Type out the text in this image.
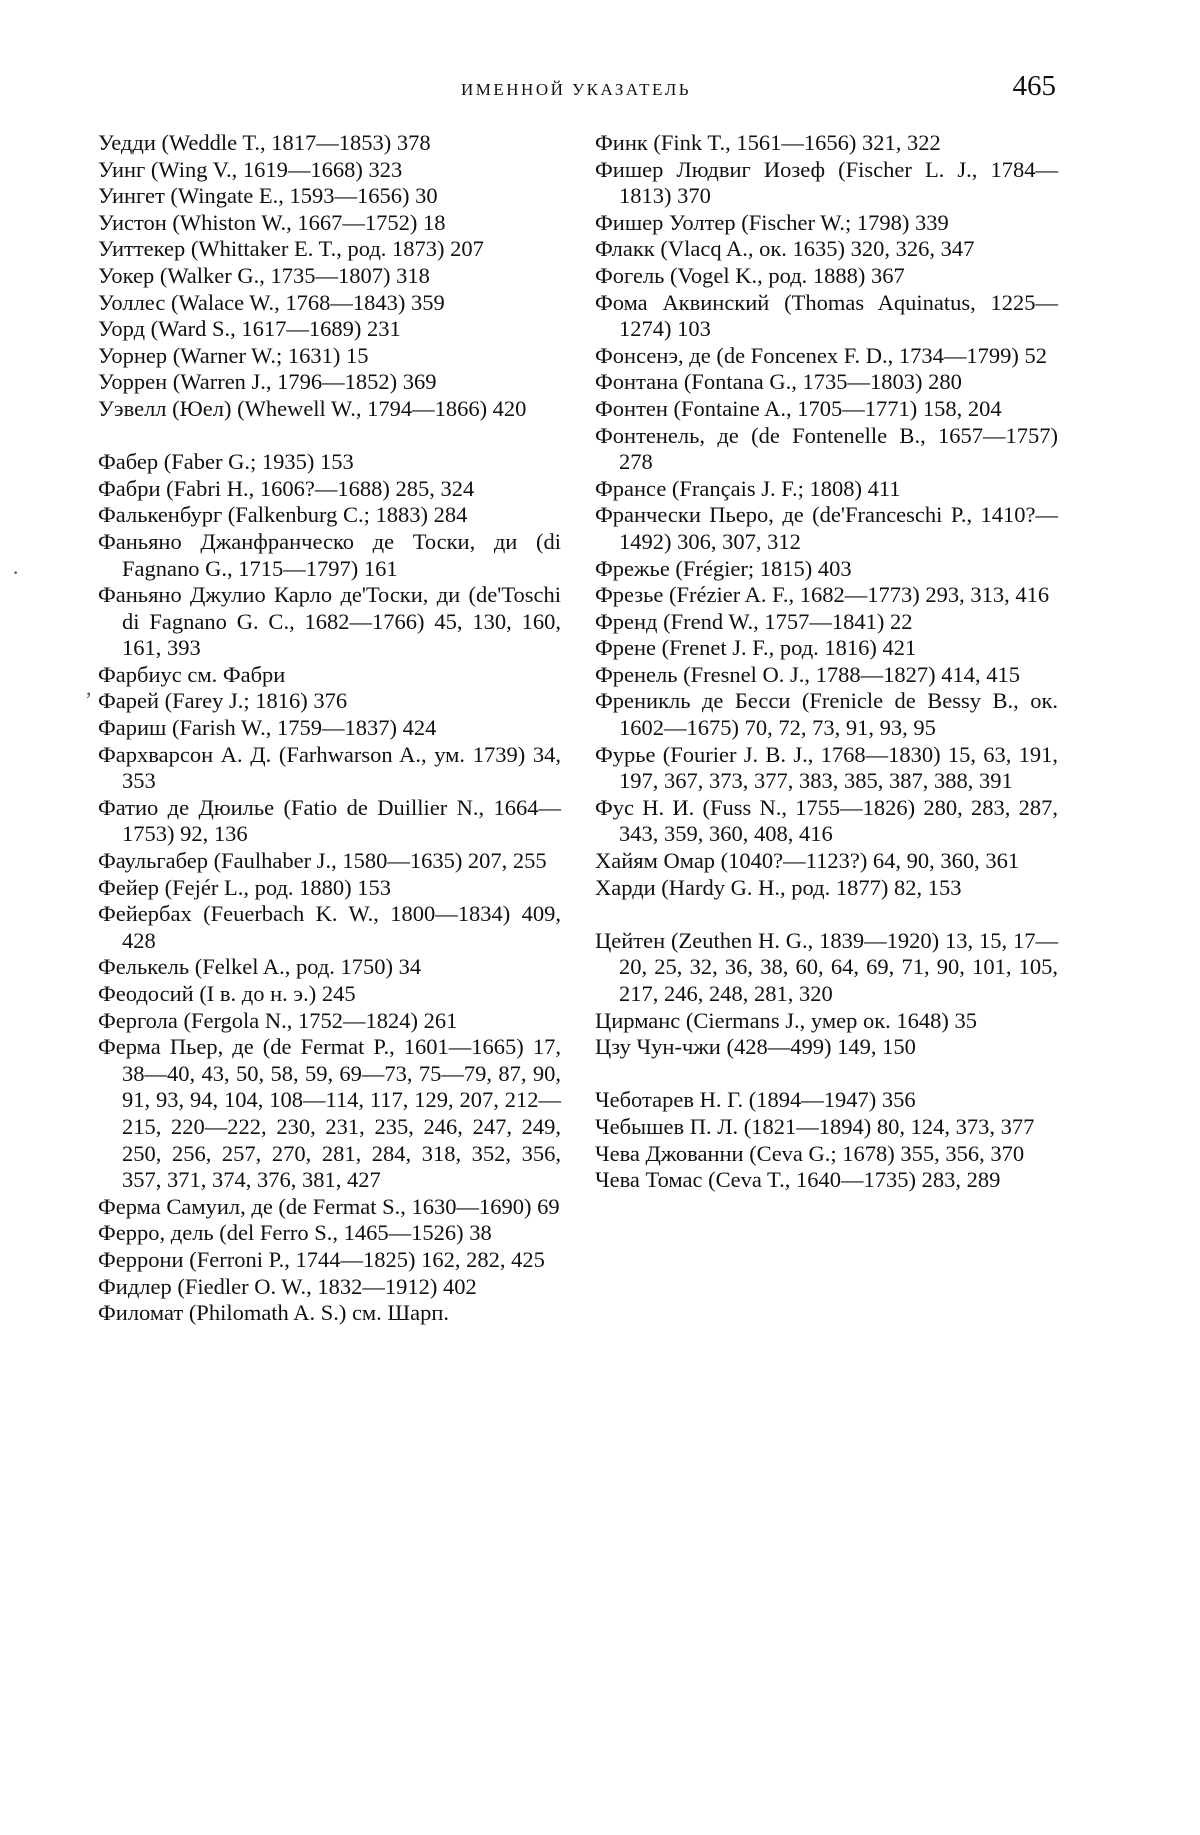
ИМЕННОЙ УКАЗАТЕЛЬ	465

Уедди (Weddle T., 1817—1853) 378

Уинг (Wing V., 1619—1668) 323

Уингет (Wingate E., 1593—1656) 30

Уистон (Whiston W., 1667—1752) 18

Уиттекер (Whittaker E. T., род. 1873) 207

Уокер (Walker G., 1735—1807) 318

Уоллес (Walace W., 1768—1843) 359

Уорд (Ward S., 1617—1689) 231

Уорнер (Warner W.; 1631) 15

Уоррен (Warren J., 1796—1852) 369

Уэвелл (Юел) (Whewell W., 1794—1866) 420

Фабер (Faber G.; 1935) 153

Фабри (Fabri H., 1606?—1688) 285, 324

Фалькенбург (Falkenburg C.; 1883) 284

Фаньяно Джанфранческо де Тоски, ди (di Fagnano G., 1715—1797) 161

Фаньяно Джулио Карло де'Тоски, ди (de'Toschi di Fagnano G. C., 1682—1766) 45, 130, 160, 161, 393

Фарбиус см. Фабри

Фарей (Farey J.; 1816) 376

Фариш (Farish W., 1759—1837) 424

Фархварсон А. Д. (Farhwarson A., ум. 1739) 34, 353

Фатио де Дюилье (Fatio de Duillier N., 1664—1753) 92, 136

Фаульгабер (Faulhaber J., 1580—1635) 207, 255

Фейер (Fejér L., род. 1880) 153

Фейербах (Feuerbach K. W., 1800—1834) 409, 428

Фелькель (Felkel A., род. 1750) 34

Феодосий (I в. до н. э.) 245

Фергола (Fergola N., 1752—1824) 261

Ферма Пьер, де (de Fermat P., 1601—1665) 17, 38—40, 43, 50, 58, 59, 69—73, 75—79, 87, 90, 91, 93, 94, 104, 108—114, 117, 129, 207, 212—215, 220—222, 230, 231, 235, 246, 247, 249, 250, 256, 257, 270, 281, 284, 318, 352, 356, 357, 371, 374, 376, 381, 427

Ферма Самуил, де (de Fermat S., 1630—1690) 69

Ферро, дель (del Ferro S., 1465—1526) 38

Феррони (Ferroni P., 1744—1825) 162, 282, 425

Фидлер (Fiedler O. W., 1832—1912) 402

Филомат (Philomath A. S.) см. Шарп.

Финк (Fink T., 1561—1656) 321, 322

Фишер Людвиг Иозеф (Fischer L. J., 1784—1813) 370

Фишер Уолтер (Fischer W.; 1798) 339

Флакк (Vlacq A., ок. 1635) 320, 326, 347

Фогель (Vogel K., род. 1888) 367

Фома Аквинский (Thomas Aquinatus, 1225—1274) 103

Фонсенэ, де (de Foncenex F. D., 1734—1799) 52

Фонтана (Fontana G., 1735—1803) 280

Фонтен (Fontaine A., 1705—1771) 158, 204

Фонтенель, де (de Fontenelle B., 1657—1757) 278

Франсе (Français J. F.; 1808) 411

Франчески Пьеро, де (de'Franceschi P., 1410?—1492) 306, 307, 312

Фрежье (Frégier; 1815) 403

Фрезье (Frézier A. F., 1682—1773) 293, 313, 416

Френд (Frend W., 1757—1841) 22

Френе (Frenet J. F., род. 1816) 421

Френель (Fresnel O. J., 1788—1827) 414, 415

Френикль де Бесси (Frenicle de Bessy B., ок. 1602—1675) 70, 72, 73, 91, 93, 95

Фурье (Fourier J. B. J., 1768—1830) 15, 63, 191, 197, 367, 373, 377, 383, 385, 387, 388, 391

Фус Н. И. (Fuss N., 1755—1826) 280, 283, 287, 343, 359, 360, 408, 416

Хайям Омар (1040?—1123?) 64, 90, 360, 361

Харди (Hardy G. H., род. 1877) 82, 153

Цейтен (Zeuthen H. G., 1839—1920) 13, 15, 17—20, 25, 32, 36, 38, 60, 64, 69, 71, 90, 101, 105, 217, 246, 248, 281, 320

Цирманс (Ciermans J., умер ок. 1648) 35

Цзу Чун-чжи (428—499) 149, 150

Чеботарев Н. Г. (1894—1947) 356

Чебышев П. Л. (1821—1894) 80, 124, 373, 377

Чева Джованни (Ceva G.; 1678) 355, 356, 370

Чева Томас (Ceva T., 1640—1735) 283, 289

·
,
